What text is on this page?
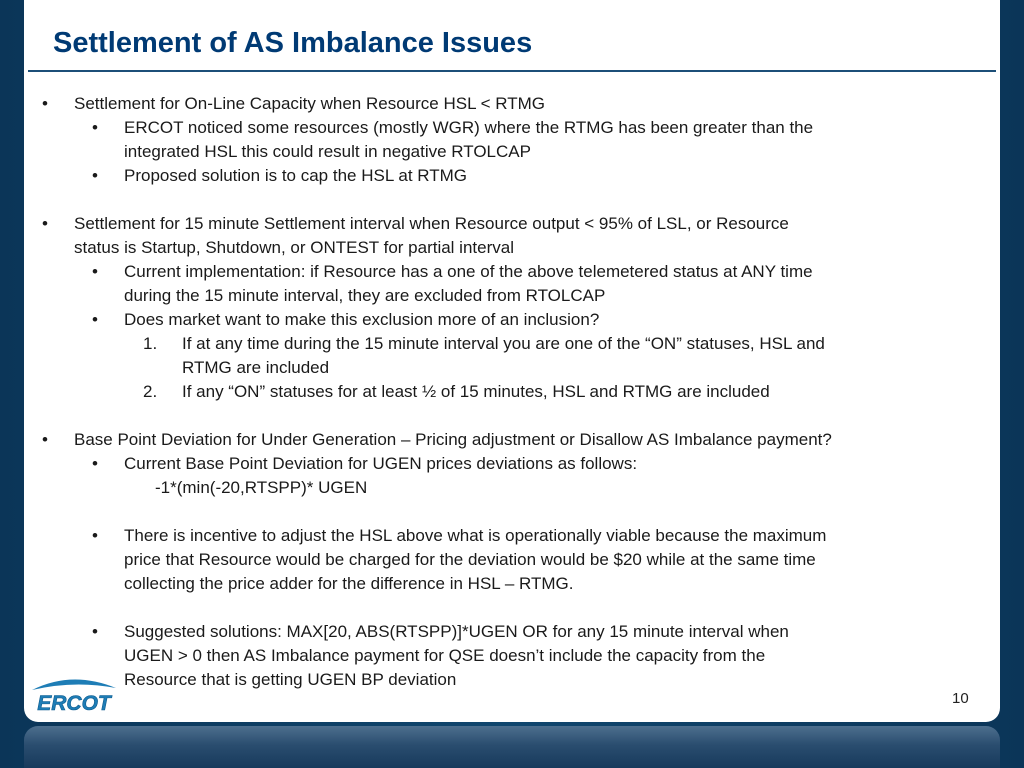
Settlement of AS Imbalance Issues
• Settlement for On-Line Capacity when Resource HSL < RTMG
• ERCOT noticed some resources (mostly WGR) where the RTMG has been greater than the
integrated HSL this could result in negative RTOLCAP
• Proposed solution is to cap the HSL at RTMG
• Settlement for 15 minute Settlement interval when Resource output < 95% of LSL, or Resource
status is Startup, Shutdown, or ONTEST for partial interval
• Current implementation: if Resource has a one of the above telemetered status at ANY time
during the 15 minute interval, they are excluded from RTOLCAP
• Does market want to make this exclusion more of an inclusion?
1. If at any time during the 15 minute interval you are one of the “ON” statuses, HSL and
RTMG are included
2. If any “ON” statuses for at least ½ of 15 minutes, HSL and RTMG are included
• Base Point Deviation for Under Generation – Pricing adjustment or Disallow AS Imbalance payment?
• Current Base Point Deviation for UGEN prices deviations as follows:
-1*(min(-20,RTSPP)* UGEN
• There is incentive to adjust the HSL above what is operationally viable because the maximum
price that Resource would be charged for the deviation would be $20 while at the same time
collecting the price adder for the difference in HSL – RTMG.
• Suggested solutions: MAX[20, ABS(RTSPP)]*UGEN OR for any 15 minute interval when
UGEN > 0 then AS Imbalance payment for QSE doesn’t include the capacity from the
Resource that is getting UGEN BP deviation
ERCOT	10
